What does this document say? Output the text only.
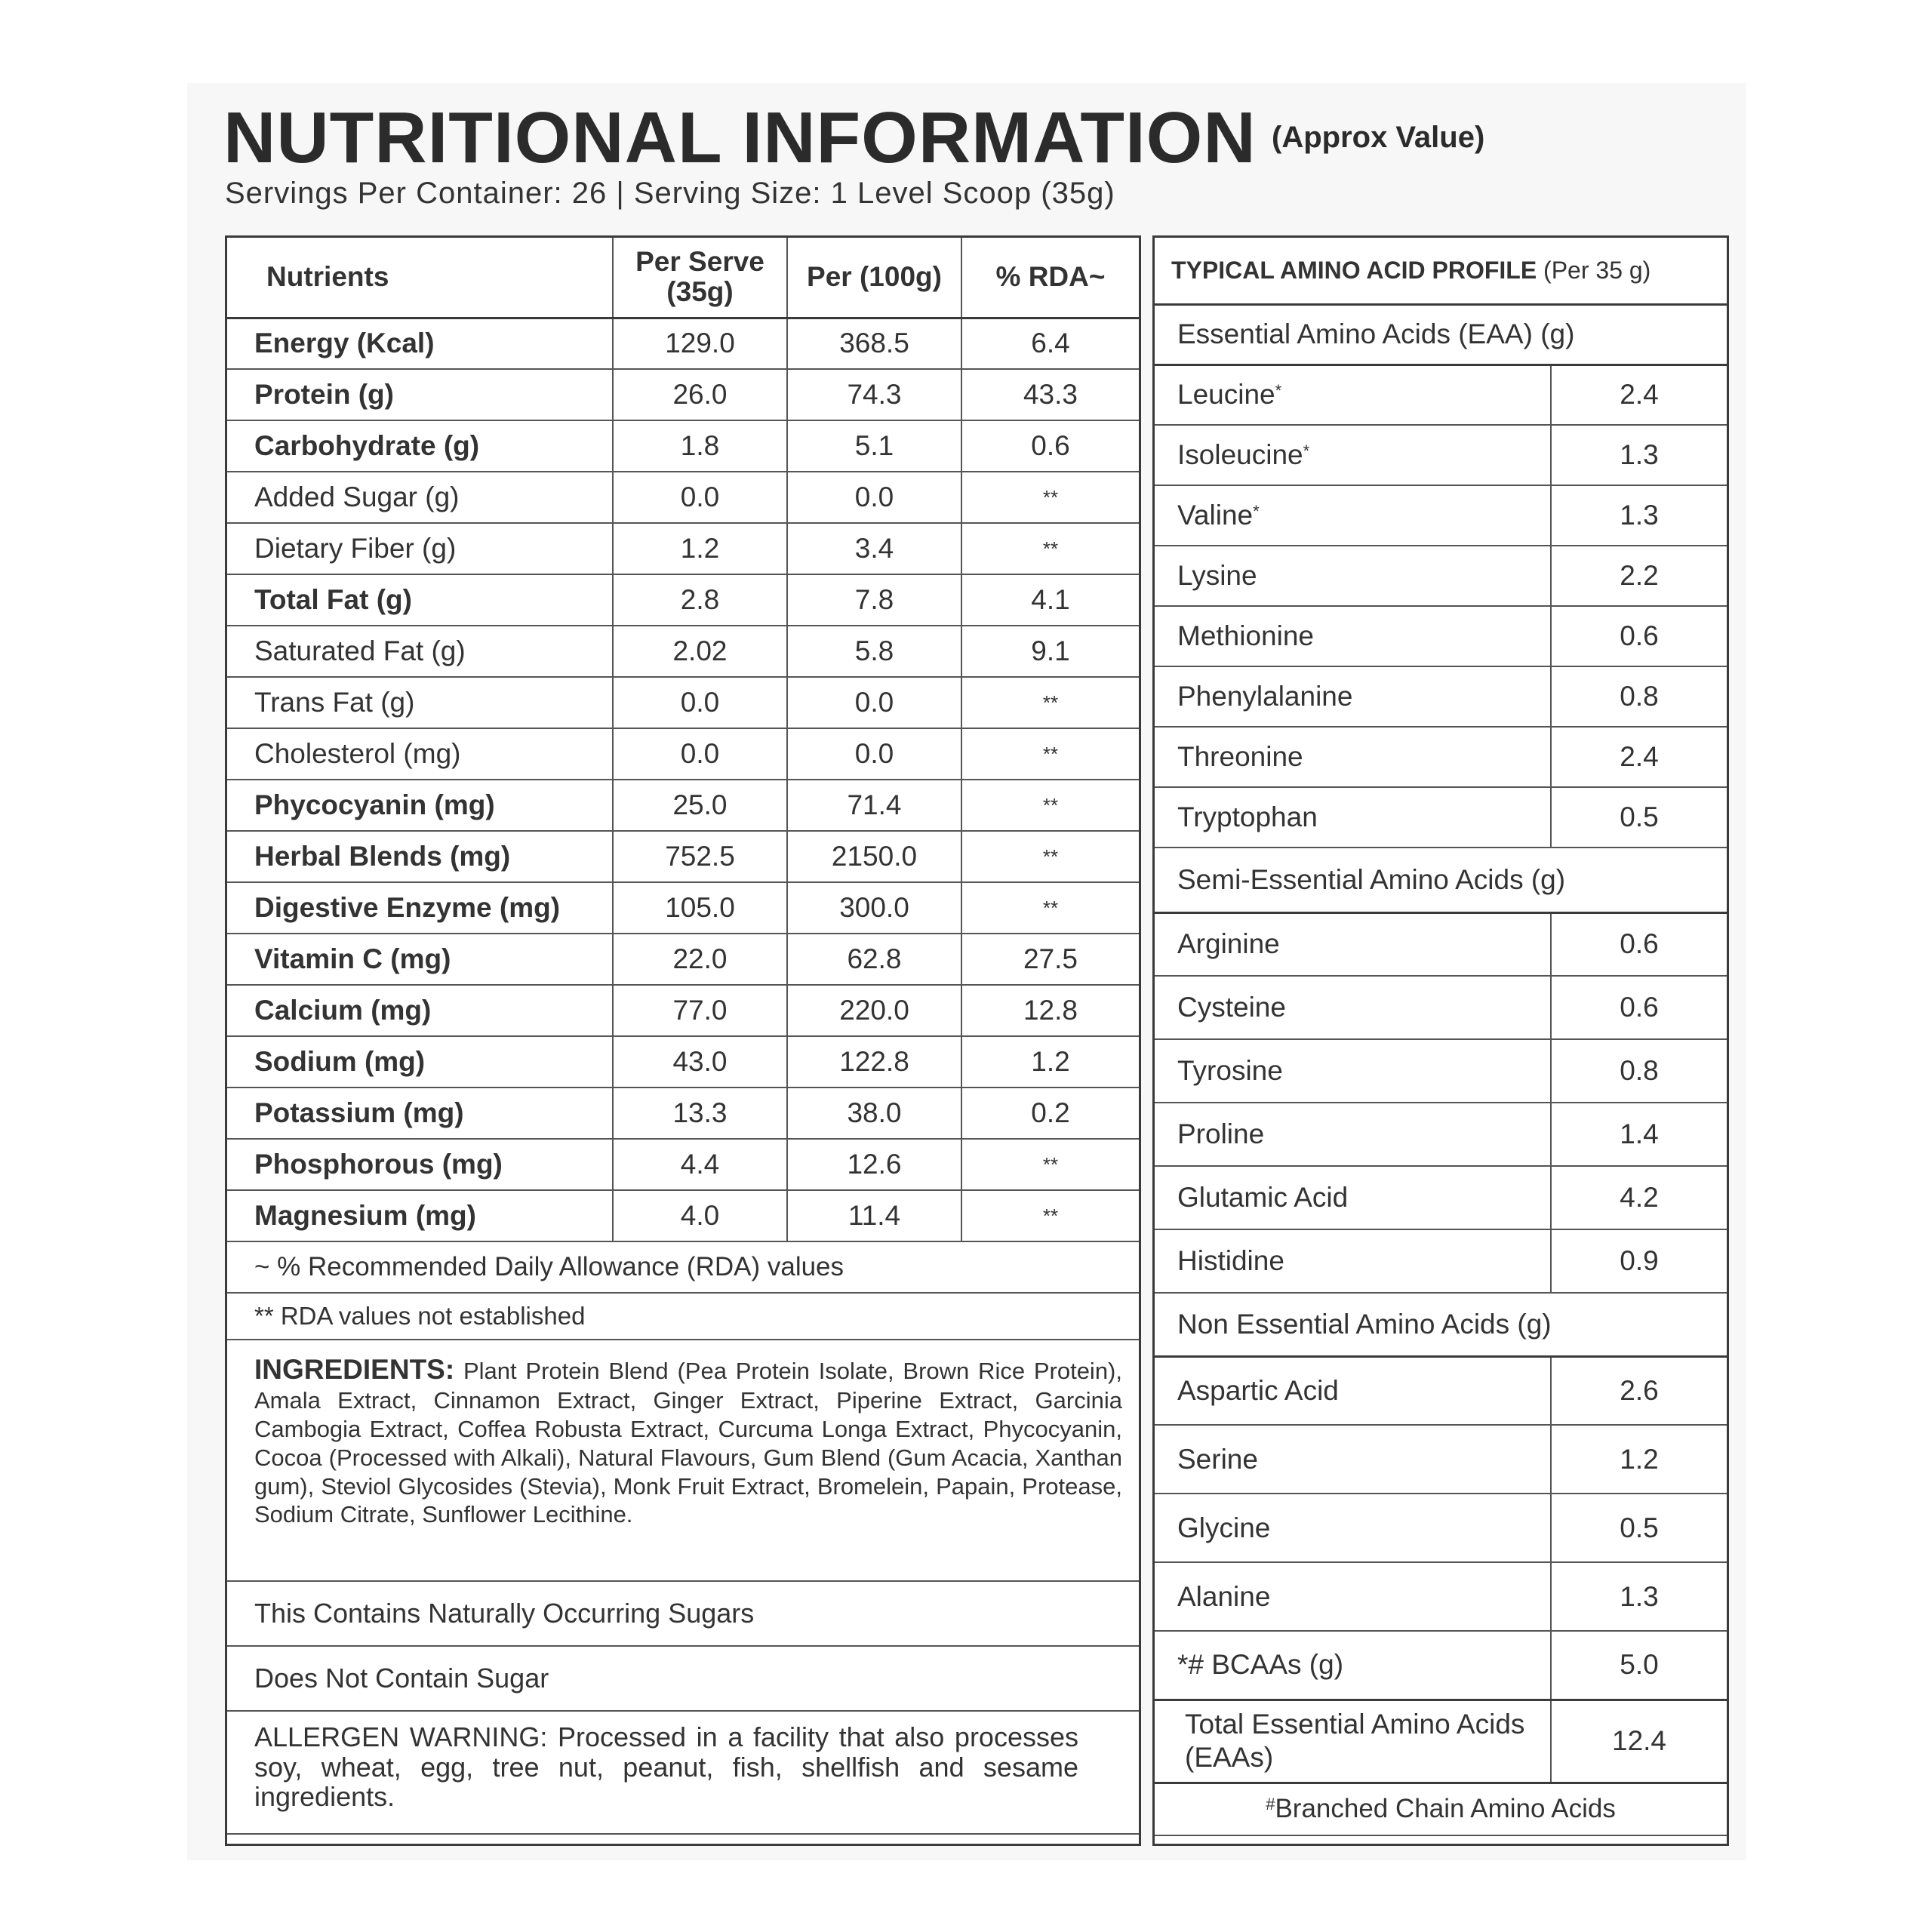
NUTRITIONAL INFORMATION (Approx Value)
Servings Per Container: 26 | Serving Size: 1 Level Scoop (35g)
Nutrients	Per Serve (35g)	Per (100g)	% RDA~
Energy (Kcal)	129.0	368.5	6.4
Protein (g)	26.0	74.3	43.3
Carbohydrate (g)	1.8	5.1	0.6
Added Sugar (g)	0.0	0.0	**
Dietary Fiber (g)	1.2	3.4	**
Total Fat (g)	2.8	7.8	4.1
Saturated Fat (g)	2.02	5.8	9.1
Trans Fat (g)	0.0	0.0	**
Cholesterol (mg)	0.0	0.0	**
Phycocyanin (mg)	25.0	71.4	**
Herbal Blends (mg)	752.5	2150.0	**
Digestive Enzyme (mg)	105.0	300.0	**
Vitamin C (mg)	22.0	62.8	27.5
Calcium (mg)	77.0	220.0	12.8
Sodium (mg)	43.0	122.8	1.2
Potassium (mg)	13.3	38.0	0.2
Phosphorous (mg)	4.4	12.6	**
Magnesium (mg)	4.0	11.4	**
~ % Recommended Daily Allowance (RDA) values			
** RDA values not established			
INGREDIENTS: Plant Protein Blend (Pea Protein Isolate, Brown Rice Protein), Amala Extract, Cinnamon Extract, Ginger Extract, Piperine Extract, Garcinia Cambogia Extract, Coffea Robusta Extract, Curcuma Longa Extract, Phycocyanin, Cocoa (Processed with Alkali), Natural Flavours, Gum Blend (Gum Acacia, Xanthan gum), Steviol Glycosides (Stevia), Monk Fruit Extract, Bromelein, Papain, Protease, Sodium Citrate, Sunflower Lecithine.			
This Contains Naturally Occurring Sugars			
Does Not Contain Sugar			
ALLERGEN WARNING: Processed in a facility that also processes soy, wheat, egg, tree nut, peanut, fish, shellfish and sesame ingredients.			
TYPICAL AMINO ACID PROFILE (Per 35 g)	
Essential Amino Acids (EAA) (g)	
Leucine*	2.4
Isoleucine*	1.3
Valine*	1.3
Lysine	2.2
Methionine	0.6
Phenylalanine	0.8
Threonine	2.4
Tryptophan	0.5
Semi-Essential Amino Acids (g)	
Arginine	0.6
Cysteine	0.6
Tyrosine	0.8
Proline	1.4
Glutamic Acid	4.2
Histidine	0.9
Non Essential Amino Acids (g)	
Aspartic Acid	2.6
Serine	1.2
Glycine	0.5
Alanine	1.3
*# BCAAs (g)	5.0
Total Essential Amino Acids (EAAs)	12.4
#Branched Chain Amino Acids	
